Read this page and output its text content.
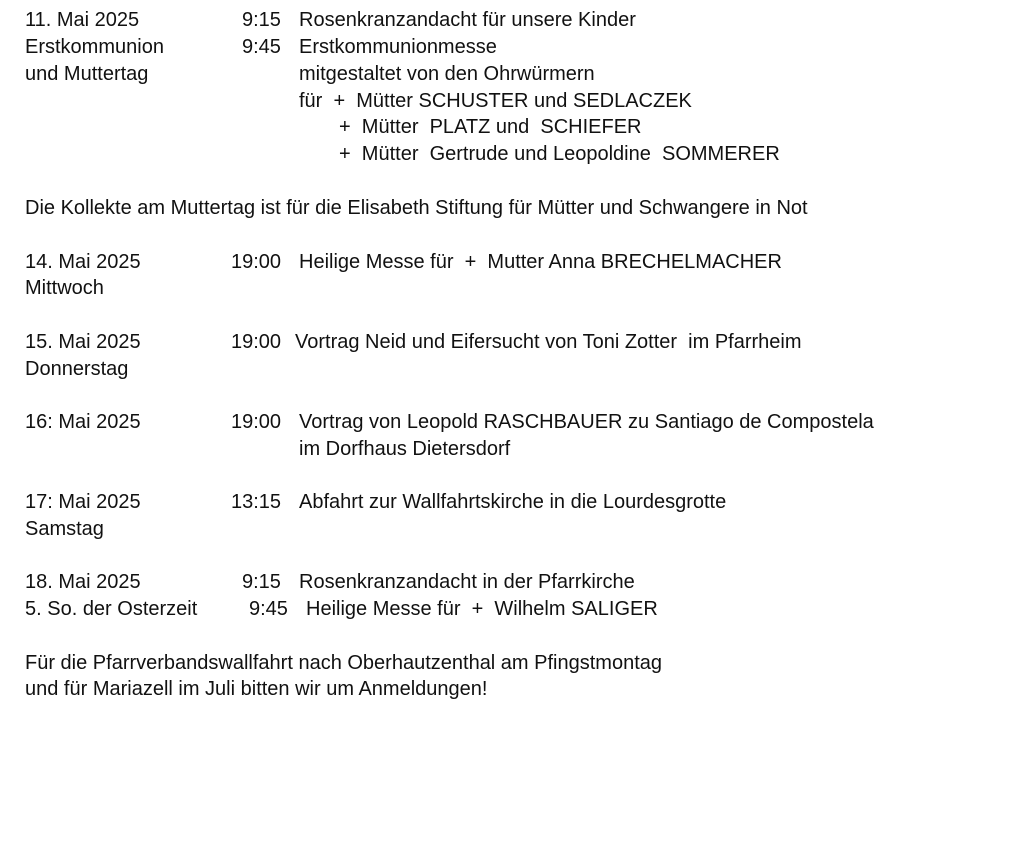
11. Mai 2025	9:15 Rosenkranzandacht für unsere Kinder
Erstkommunion	9:45 Erstkommunionmesse
und Muttertag	mitgestaltet von den Ohrwürmern
für  +  Mütter SCHUSTER und SEDLACZEK
+  Mütter  PLATZ und  SCHIEFER
+  Mütter  Gertrude und Leopoldine  SOMMERER
Die Kollekte am Muttertag ist für die Elisabeth Stiftung für Mütter und Schwangere in Not
14. Mai 2025	19:00 Heilige Messe für  +  Mutter Anna BRECHELMACHER
Mittwoch
15. Mai 2025	19:00 Vortrag Neid und Eifersucht von Toni Zotter  im Pfarrheim
Donnerstag
16: Mai 2025	19:00 Vortrag von Leopold RASCHBAUER zu Santiago de Compostela
im Dorfhaus Dietersdorf
17: Mai 2025	13:15 Abfahrt zur Wallfahrtskirche in die Lourdesgrotte
Samstag
18. Mai 2025	9:15 Rosenkranzandacht in der Pfarrkirche
5. So. der Osterzeit	9:45 Heilige Messe für  +  Wilhelm SALIGER
Für die Pfarrverbandswallfahrt nach Oberhautzenthal am Pfingstmontag
und für Mariazell im Juli bitten wir um Anmeldungen!
